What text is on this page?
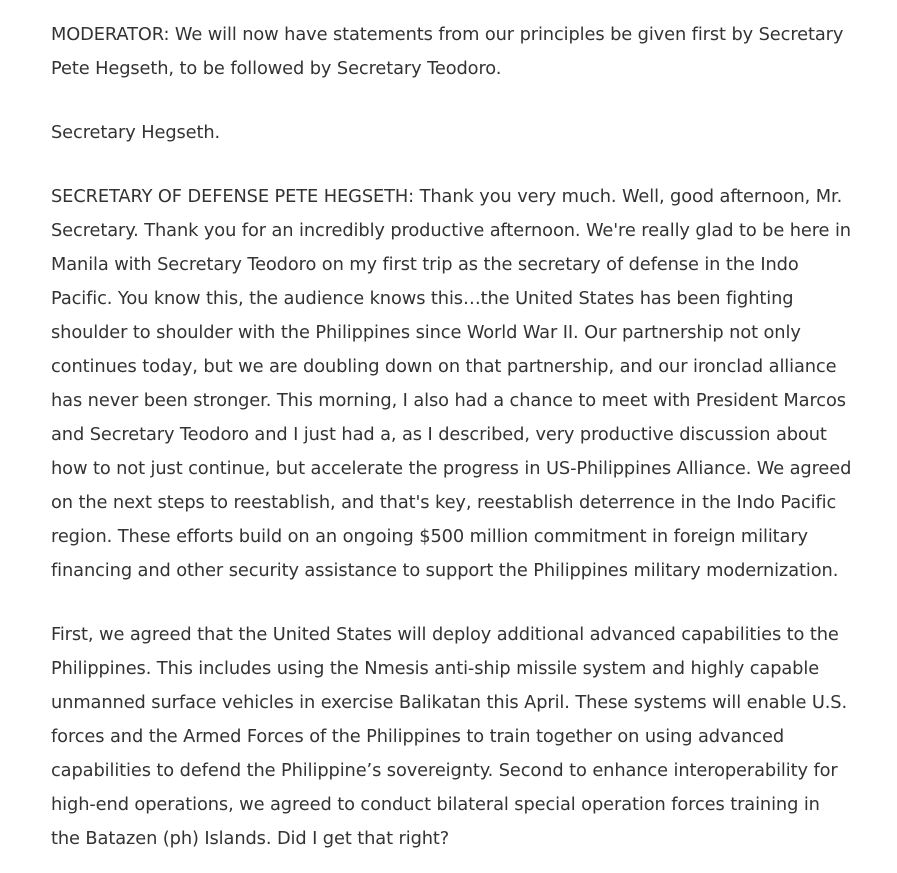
MODERATOR: We will now have statements from our principles be given first by Secretary Pete Hegseth, to be followed by Secretary Teodoro.

Secretary Hegseth.

SECRETARY OF DEFENSE PETE HEGSETH: Thank you very much. Well, good afternoon, Mr. Secretary. Thank you for an incredibly productive afternoon. We're really glad to be here in Manila with Secretary Teodoro on my first trip as the secretary of defense in the Indo Pacific. You know this, the audience knows this…the United States has been fighting shoulder to shoulder with the Philippines since World War II. Our partnership not only continues today, but we are doubling down on that partnership, and our ironclad alliance has never been stronger. This morning, I also had a chance to meet with President Marcos and Secretary Teodoro and I just had a, as I described, very productive discussion about how to not just continue, but accelerate the progress in US-Philippines Alliance. We agreed on the next steps to reestablish, and that's key, reestablish deterrence in the Indo Pacific region. These efforts build on an ongoing $500 million commitment in foreign military financing and other security assistance to support the Philippines military modernization.

First, we agreed that the United States will deploy additional advanced capabilities to the Philippines. This includes using the Nmesis anti-ship missile system and highly capable unmanned surface vehicles in exercise Balikatan this April. These systems will enable U.S. forces and the Armed Forces of the Philippines to train together on using advanced capabilities to defend the Philippine’s sovereignty. Second to enhance interoperability for high-end operations, we agreed to conduct bilateral special operation forces training in the Batazen (ph) Islands. Did I get that right?
